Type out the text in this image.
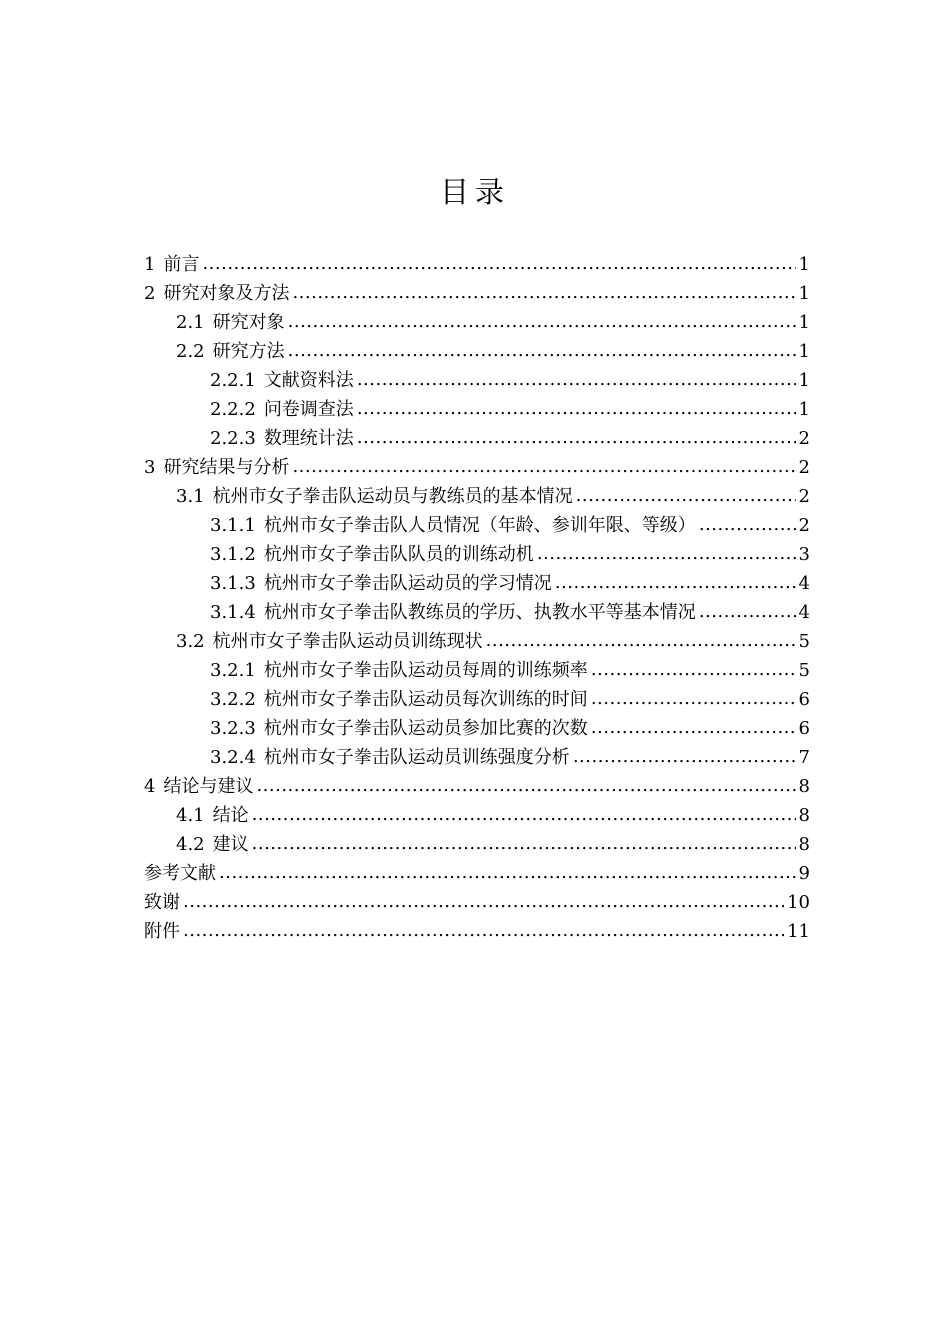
目录
1 前言 .....	1
2 研究对象及方法 .....	1
2.1 研究对象 .....	1
2.2 研究方法 .....	1
2.2.1 文献资料法 .....	1
2.2.2 问卷调查法 .....	1
2.2.3 数理统计法 .....	2
3 研究结果与分析 .....	2
3.1 杭州市女子拳击队运动员与教练员的基本情况 .....	2
3.1.1 杭州市女子拳击队人员情况（年龄、参训年限、等级） .....	2
3.1.2 杭州市女子拳击队队员的训练动机 .....	3
3.1.3 杭州市女子拳击队运动员的学习情况 .....	4
3.1.4 杭州市女子拳击队教练员的学历、执教水平等基本情况 .....	4
3.2 杭州市女子拳击队运动员训练现状 .....	5
3.2.1 杭州市女子拳击队运动员每周的训练频率 .....	5
3.2.2 杭州市女子拳击队运动员每次训练的时间 .....	6
3.2.3 杭州市女子拳击队运动员参加比赛的次数 .....	6
3.2.4 杭州市女子拳击队运动员训练强度分析 .....	7
4 结论与建议 .....	8
4.1 结论 .....	8
4.2 建议 .....	8
参考文献 .....	9
致谢 .....	10
附件 .....	11
